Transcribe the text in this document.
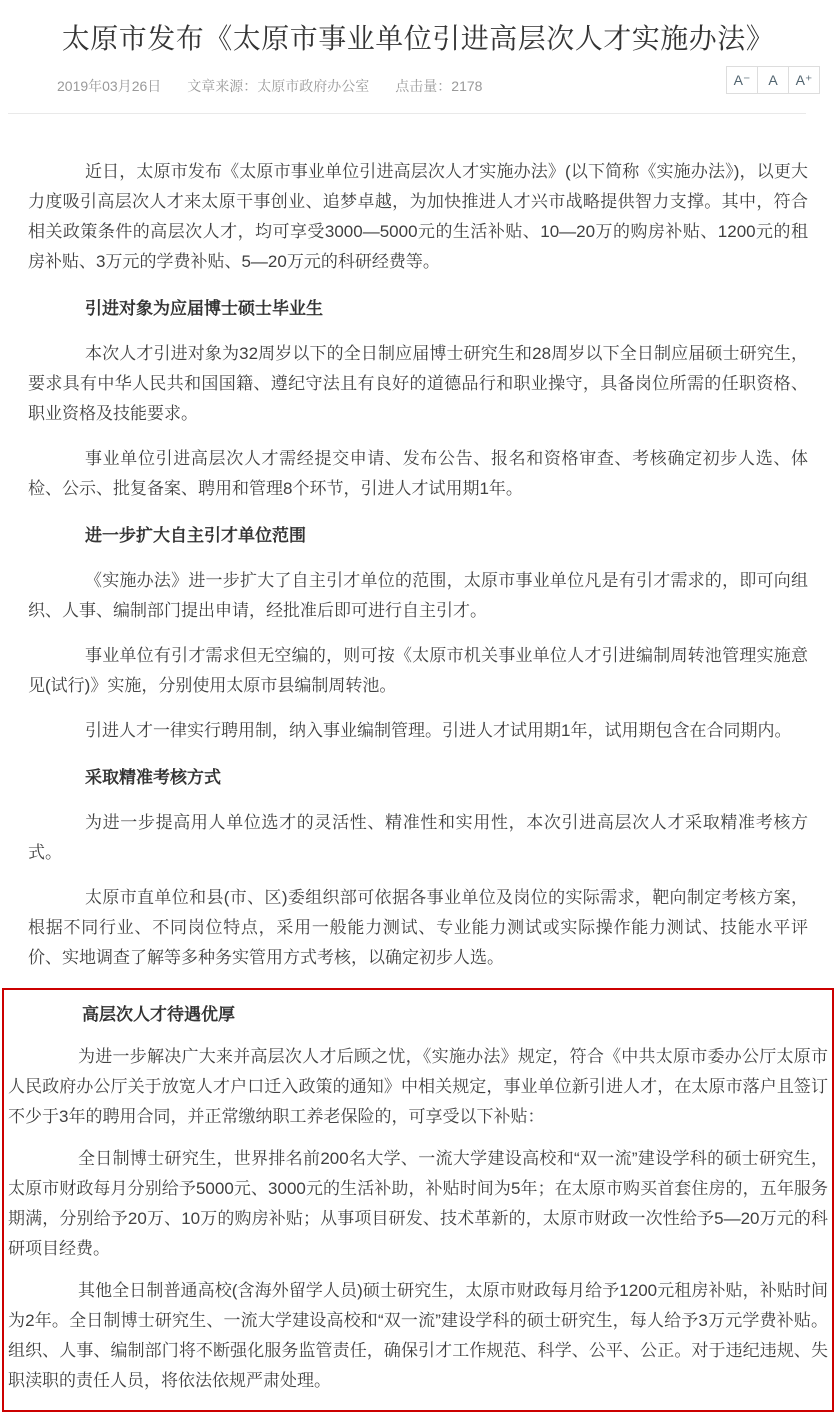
太原市发布《太原市事业单位引进高层次人才实施办法》
2019年03月26日 文章来源：太原市政府办公室 点击量：2178	A⁻	A	A⁺

近日，太原市发布《太原市事业单位引进高层次人才实施办法》(以下简称《实施办法》)，以更大力度吸引高层次人才来太原干事创业、追梦卓越，为加快推进人才兴市战略提供智力支撑。其中，符合相关政策条件的高层次人才，均可享受3000—5000元的生活补贴、10—20万的购房补贴、1200元的租房补贴、3万元的学费补贴、5—20万元的科研经费等。

引进对象为应届博士硕士毕业生

本次人才引进对象为32周岁以下的全日制应届博士研究生和28周岁以下全日制应届硕士研究生，要求具有中华人民共和国国籍、遵纪守法且有良好的道德品行和职业操守，具备岗位所需的任职资格、职业资格及技能要求。

事业单位引进高层次人才需经提交申请、发布公告、报名和资格审查、考核确定初步人选、体检、公示、批复备案、聘用和管理8个环节，引进人才试用期1年。

进一步扩大自主引才单位范围

《实施办法》进一步扩大了自主引才单位的范围，太原市事业单位凡是有引才需求的，即可向组织、人事、编制部门提出申请，经批准后即可进行自主引才。

事业单位有引才需求但无空编的，则可按《太原市机关事业单位人才引进编制周转池管理实施意见(试行)》实施，分别使用太原市县编制周转池。

引进人才一律实行聘用制，纳入事业编制管理。引进人才试用期1年，试用期包含在合同期内。

采取精准考核方式

为进一步提高用人单位选才的灵活性、精准性和实用性，本次引进高层次人才采取精准考核方式。

太原市直单位和县(市、区)委组织部可依据各事业单位及岗位的实际需求，靶向制定考核方案，根据不同行业、不同岗位特点，采用一般能力测试、专业能力测试或实际操作能力测试、技能水平评价、实地调查了解等多种务实管用方式考核，以确定初步人选。

高层次人才待遇优厚

为进一步解决广大来并高层次人才后顾之忧，《实施办法》规定，符合《中共太原市委办公厅太原市人民政府办公厅关于放宽人才户口迁入政策的通知》中相关规定，事业单位新引进人才，在太原市落户且签订不少于3年的聘用合同，并正常缴纳职工养老保险的，可享受以下补贴：

全日制博士研究生，世界排名前200名大学、一流大学建设高校和“双一流”建设学科的硕士研究生，太原市财政每月分别给予5000元、3000元的生活补助，补贴时间为5年；在太原市购买首套住房的，五年服务期满，分别给予20万、10万的购房补贴；从事项目研发、技术革新的，太原市财政一次性给予5—20万元的科研项目经费。

其他全日制普通高校(含海外留学人员)硕士研究生，太原市财政每月给予1200元租房补贴，补贴时间为2年。全日制博士研究生、一流大学建设高校和“双一流”建设学科的硕士研究生，每人给予3万元学费补贴。组织、人事、编制部门将不断强化服务监管责任，确保引才工作规范、科学、公平、公正。对于违纪违规、失职渎职的责任人员，将依法依规严肃处理。
